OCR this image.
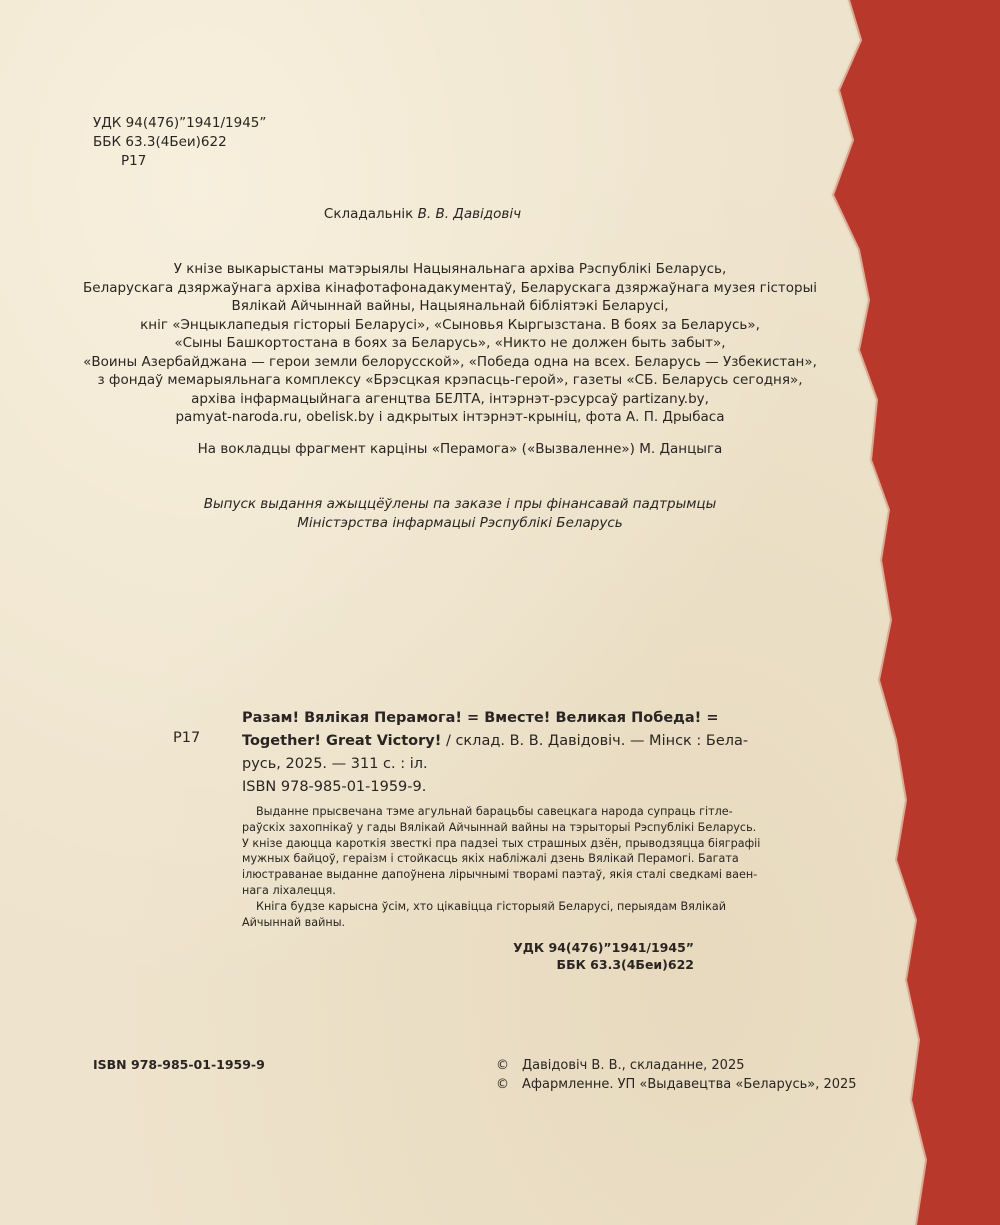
УДК 94(476)”1941/1945”
ББК 63.3(4Беи)622
Р17
Складальнік В. В. Давідовіч
У кнізе выкарыстаны матэрыялы Нацыянальнага архіва Рэспублікі Беларусь,
Беларускага дзяржаўнага архіва кінафотафонадакументаў, Беларускага дзяржаўнага музея гісторыі
Вялікай Айчыннай вайны, Нацыянальнай бібліятэкі Беларусі,
кніг «Энцыклапедыя гісторыі Беларусі», «Сыновья Кыргызстана. В боях за Беларусь»,
«Сыны Башкортостана в боях за Беларусь», «Никто не должен быть забыт»,
«Воины Азербайджана — герои земли белорусской», «Победа одна на всех. Беларусь — Узбекистан»,
з фондаў мемарыяльнага комплексу «Брэсцкая крэпасць-герой», газеты «СБ. Беларусь сегодня»,
архіва інфармацыйнага агенцтва БЕЛТА, інтэрнэт-рэсурсаў partizany.by,
pamyat-naroda.ru, obelisk.by і адкрытых інтэрнэт-крыніц, фота А. П. Дрыбаса
На вокладцы фрагмент карціны «Перамога» («Вызваленне») М. Данцыга
Выпуск выдання ажыццёўлены па заказе і пры фінансавай падтрымцы
Міністэрства інфармацыі Рэспублікі Беларусь
Р17
Разам! Вялікая Перамога! = Вместе! Великая Победа! =
Together! Great Victory! / склад. В. В. Давідовіч. — Мінск : Бела-
русь, 2025. — 311 с. : іл.
ISBN 978-985-01-1959-9.
Выданне прысвечана тэме агульнай барацьбы савецкага народа супраць гітле-
раўскіх захопнікаў у гады Вялікай Айчыннай вайны на тэрыторыі Рэспублікі Беларусь.
У кнізе даюцца кароткія звесткі пра падзеі тых страшных дзён, прыводзяцца біяграфіі
мужных байцоў, гераізм і стойкасць якіх набліжалі дзень Вялікай Перамогі. Багата
ілюстраванае выданне дапоўнена лірычнымі творамі паэтаў, якія сталі сведкамі ваен-
нага ліхалецця.
Кніга будзе карысна ўсім, хто цікавіцца гісторыяй Беларусі, перыядам Вялікай
Айчыннай вайны.
УДК 94(476)”1941/1945”
ББК 63.3(4Беи)622
ISBN 978-985-01-1959-9	© Давідовіч В. В., складанне, 2025
© Афармленне. УП «Выдавецтва «Беларусь», 2025
